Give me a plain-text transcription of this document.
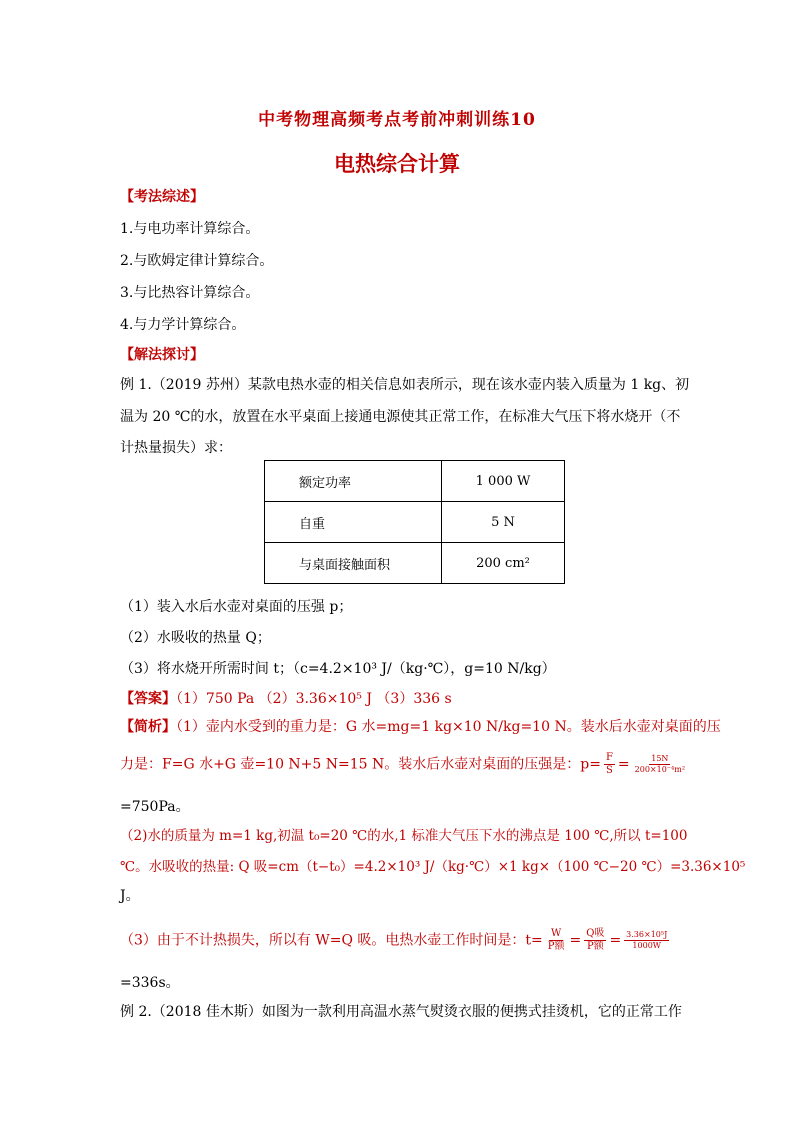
中考物理高频考点考前冲刺训练10
电热综合计算
【考法综述】
1.与电功率计算综合。
2.与欧姆定律计算综合。
3.与比热容计算综合。
4.与力学计算综合。
【解法探讨】
例 1.（2019 苏州）某款电热水壶的相关信息如表所示，现在该水壶内装入质量为 1 kg、初
温为 20 ℃的水，放置在水平桌面上接通电源使其正常工作，在标准大气压下将水烧开（不
计热量损失）求：
额定功率	1 000 W
自重	5 N
与桌面接触面积	200 cm²
（1）装入水后水壶对桌面的压强 p；
（2）水吸收的热量 Q；
（3）将水烧开所需时间 t；（c=4.2×10³ J/（kg·℃），g=10 N/kg）
【答案】（1）750 Pa （2）3.36×10⁵ J （3）336 s
【简析】（1）壶内水受到的重力是：G 水=mg=1 kg×10 N/kg=10 N。装水后水壶对桌面的压
力是：F=G 水+G 壶=10 N+5 N=15 N。装水后水壶对桌面的压强是：$p= \frac{F}{S} = \frac{15N}{\text{200×10⁻⁴m²}}$
=750Pa。
（2)水的质量为 m=1 kg,初温 t₀=20 ℃的水,1 标准大气压下水的沸点是 100 ℃,所以 t=100
℃。水吸收的热量: Q 吸=cm（t−t₀）=4.2×10³ J/（kg·℃）×1 kg×（100 ℃−20 ℃）=3.36×10⁵
J。
（3）由于不计热损失，所以有 W=Q 吸。电热水壶工作时间是：$t= \frac{W}{\text{P额}} = \frac{\text{Q吸}}{\text{P额}} = \frac{\text{3.36×10⁵J}}{1000W}$
=336s。
例 2.（2018 佳木斯）如图为一款利用高温水蒸气熨烫衣服的便携式挂烫机，它的正常工作
